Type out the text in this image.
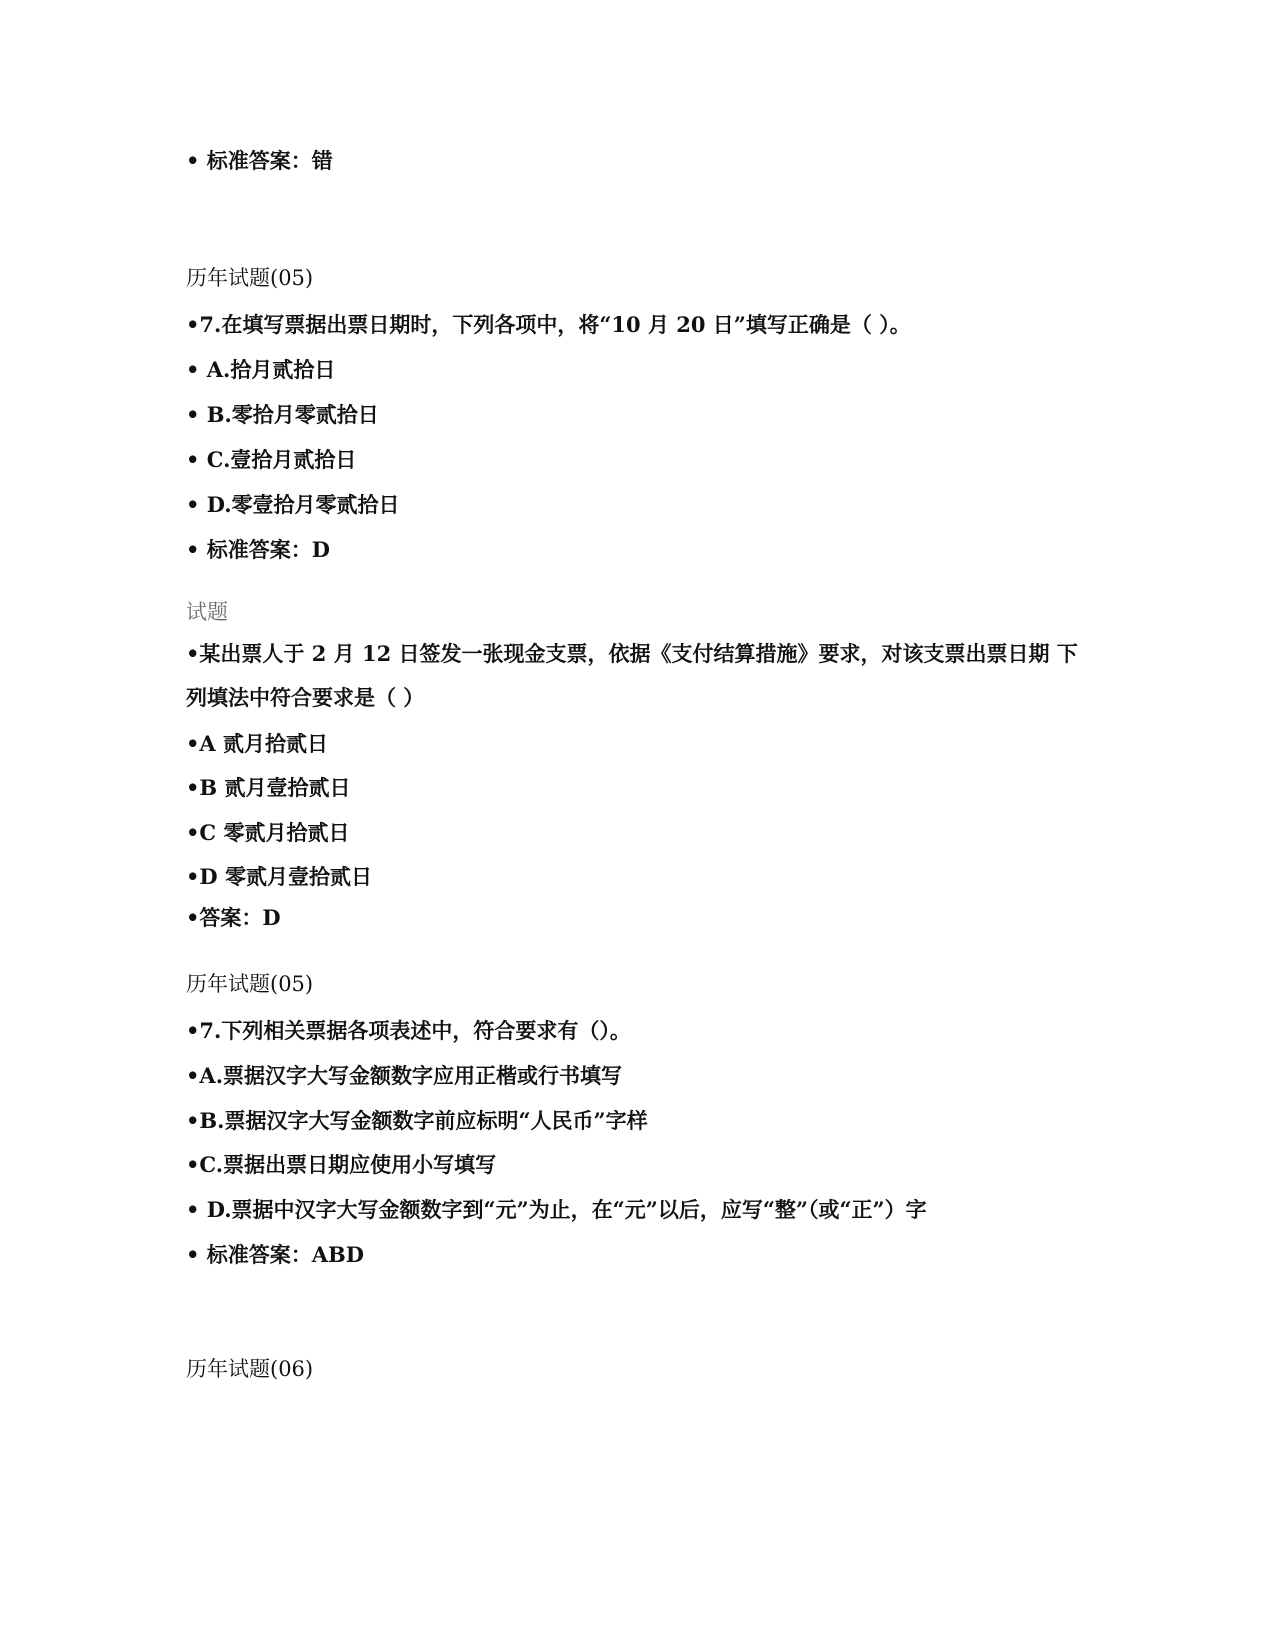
• 标准答案：错
历年试题(05)
•7.在填写票据出票日期时，下列各项中，将“10 月 20 日”填写正确是（ ）。
• A.拾月贰拾日
• B.零拾月零贰拾日
• C.壹拾月贰拾日
• D.零壹拾月零贰拾日
• 标准答案：D
试题
•某出票人于 2 月 12 日签发一张现金支票，依据《支付结算措施》要求，对该支票出票日期 下
列填法中符合要求是（ ）
•A 贰月拾贰日
•B 贰月壹拾贰日
•C 零贰月拾贰日
•D 零贰月壹拾贰日
•答案：D
历年试题(05)
•7.下列相关票据各项表述中，符合要求有（）。
•A.票据汉字大写金额数字应用正楷或行书填写
•B.票据汉字大写金额数字前应标明“人民币”字样
•C.票据出票日期应使用小写填写
• D.票据中汉字大写金额数字到“元”为止，在“元”以后，应写“整”（或“正”）字
• 标准答案：ABD
历年试题(06)
